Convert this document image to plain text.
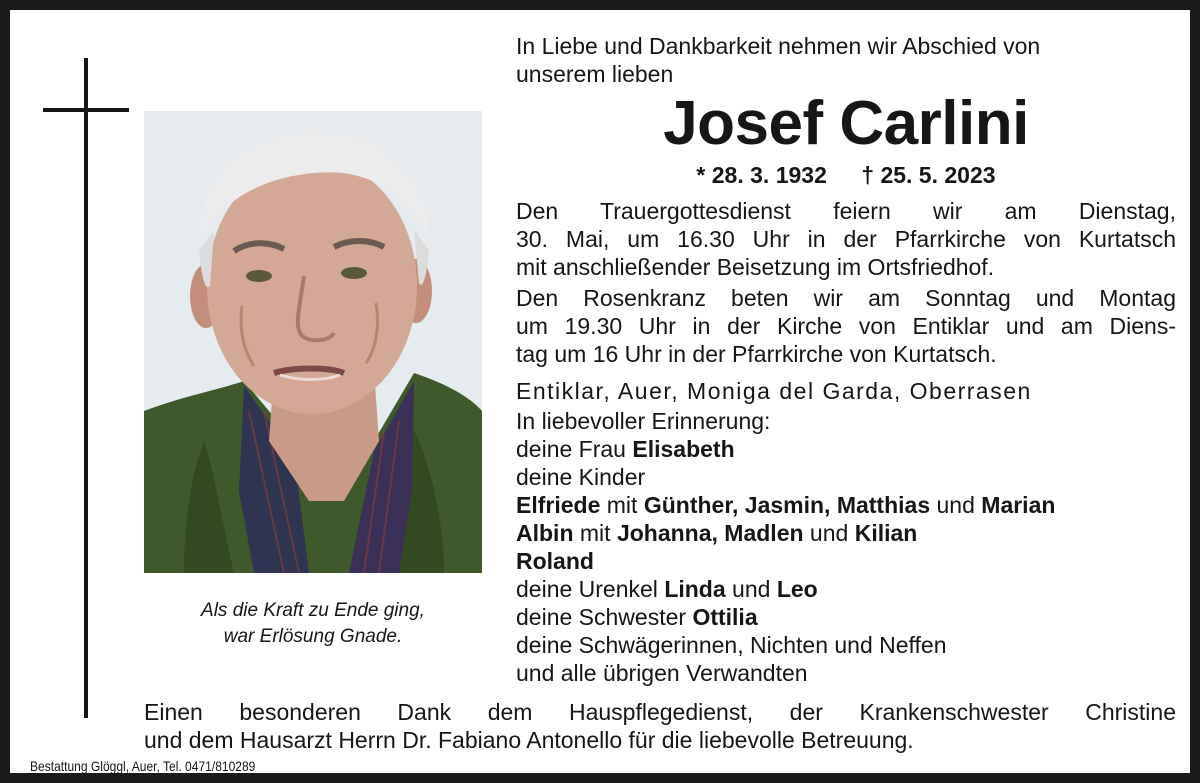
Als die Kraft zu Ende ging,
war Erlösung Gnade.
In Liebe und Dankbarkeit nehmen wir Abschied von
unserem lieben
Josef Carlini
* 28. 3. 1932 † 25. 5. 2023
Den Trauergottesdienst feiern wir am Dienstag,
30. Mai, um 16.30 Uhr in der Pfarrkirche von Kurtatsch
mit anschließender Beisetzung im Ortsfriedhof.
Den Rosenkranz beten wir am Sonntag und Montag
um 19.30 Uhr in der Kirche von Entiklar und am Diens-
tag um 16 Uhr in der Pfarrkirche von Kurtatsch.
Entiklar, Auer, Moniga del Garda, Oberrasen
In liebevoller Erinnerung:
deine Frau Elisabeth
deine Kinder
Elfriede mit Günther, Jasmin, Matthias und Marian
Albin mit Johanna, Madlen und Kilian
Roland
deine Urenkel Linda und Leo
deine Schwester Ottilia
deine Schwägerinnen, Nichten und Neffen
und alle übrigen Verwandten
Einen besonderen Dank dem Hauspflegedienst, der Krankenschwester Christine
und dem Hausarzt Herrn Dr. Fabiano Antonello für die liebevolle Betreuung.
Bestattung Glöggl, Auer, Tel. 0471/810289
